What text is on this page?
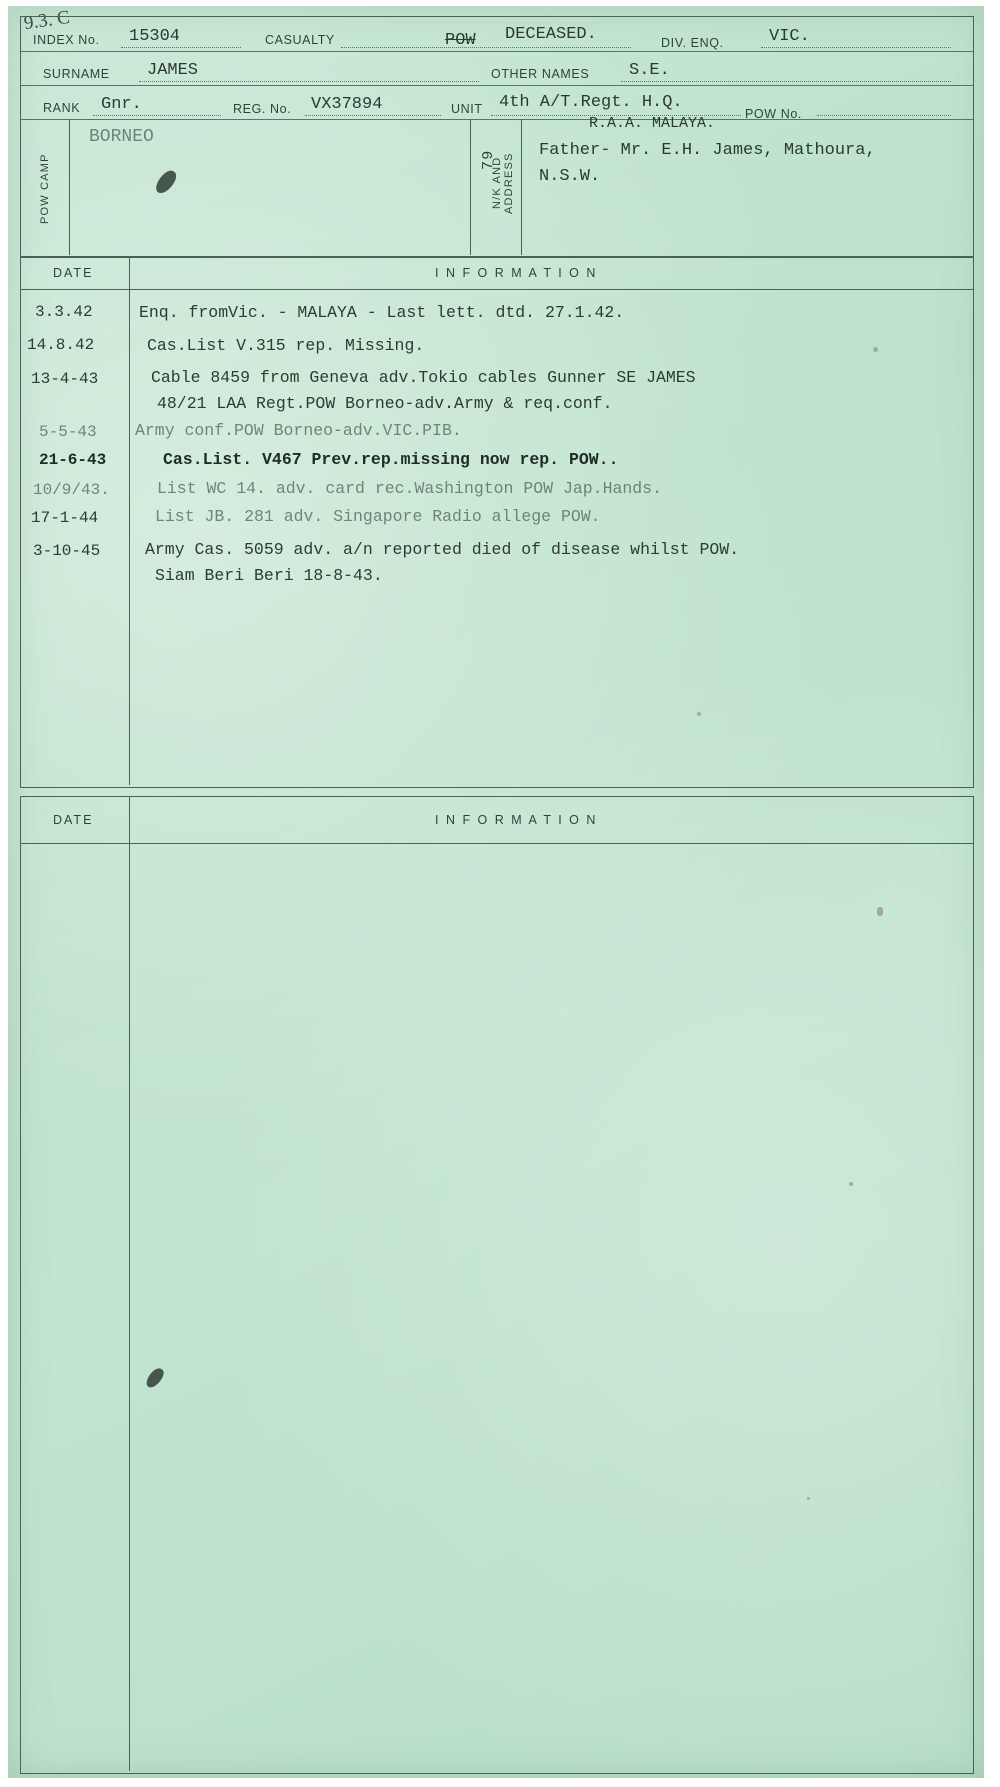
9.3. C
INDEX No. 15304	CASUALTY	POW DECEASED.	DIV. ENQ.	VIC.
SURNAME JAMES	OTHER NAMES S.E.
RANK Gnr.	REG. No. VX37894	UNIT 4th A/T.Regt. H.Q.
R.A.A. MALAYA.
POW No.
POW CAMP
BORNEO
79
N/K AND ADDRESS
Father- Mr. E.H. James, Mathoura,
N.S.W.
DATE	I N F O R M A T I O N
3.3.42	Enq. fromVic. - MALAYA - Last lett. dtd. 27.1.42.
14.8.42	Cas.List V.315 rep. Missing.
13-4-43	Cable 8459 from Geneva adv.Tokio cables Gunner SE JAMES
48/21 LAA Regt.POW Borneo-adv.Army & req.conf.
5-5-43 Army conf.POW Borneo-adv.VIC.PIB.
21-6-43	Cas.List. V467 Prev.rep.missing now rep. POW..
10/9/43.	List WC 14. adv. card rec.Washington POW Jap.Hands.
17-1-44	List JB. 281 adv. Singapore Radio allege POW.
3-10-45	Army Cas. 5059 adv. a/n reported died of disease whilst POW.
Siam Beri Beri 18-8-43.
DATE	I N F O R M A T I O N
